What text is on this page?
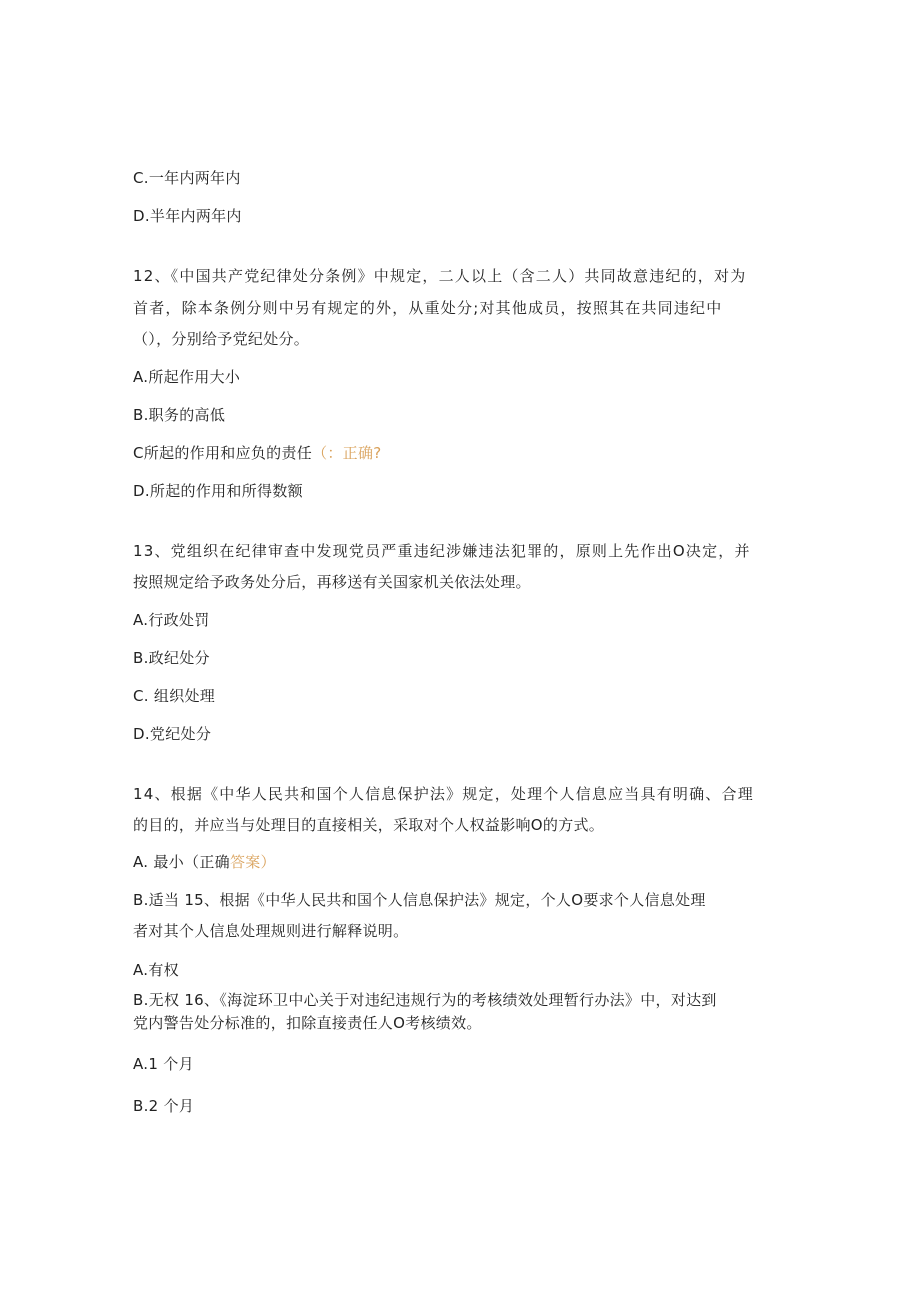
C.一年内两年内
D.半年内两年内
12、《中国共产党纪律处分条例》中规定，二人以上（含二人）共同故意违纪的，对为
首者，除本条例分则中另有规定的外，从重处分;对其他成员，按照其在共同违纪中
（），分别给予党纪处分。
A.所起作用大小
B.职务的高低
C所起的作用和应负的责任（：正确?
D.所起的作用和所得数额
13、党组织在纪律审查中发现党员严重违纪涉嫌违法犯罪的，原则上先作出O决定，并
按照规定给予政务处分后，再移送有关国家机关依法处理。
A.行政处罚
B.政纪处分
C. 组织处理
D.党纪处分
14、根据《中华人民共和国个人信息保护法》规定，处理个人信息应当具有明确、合理
的目的，并应当与处理目的直接相关，采取对个人权益影响O的方式。
A. 最小（正确答案）
B.适当 15、根据《中华人民共和国个人信息保护法》规定，个人O要求个人信息处理
者对其个人信息处理规则进行解释说明。
A.有权
B.无权 16、《海淀环卫中心关于对违纪违规行为的考核绩效处理暂行办法》中，对达到
党内警告处分标准的，扣除直接责任人O考核绩效。
A.1 个月
B.2 个月
